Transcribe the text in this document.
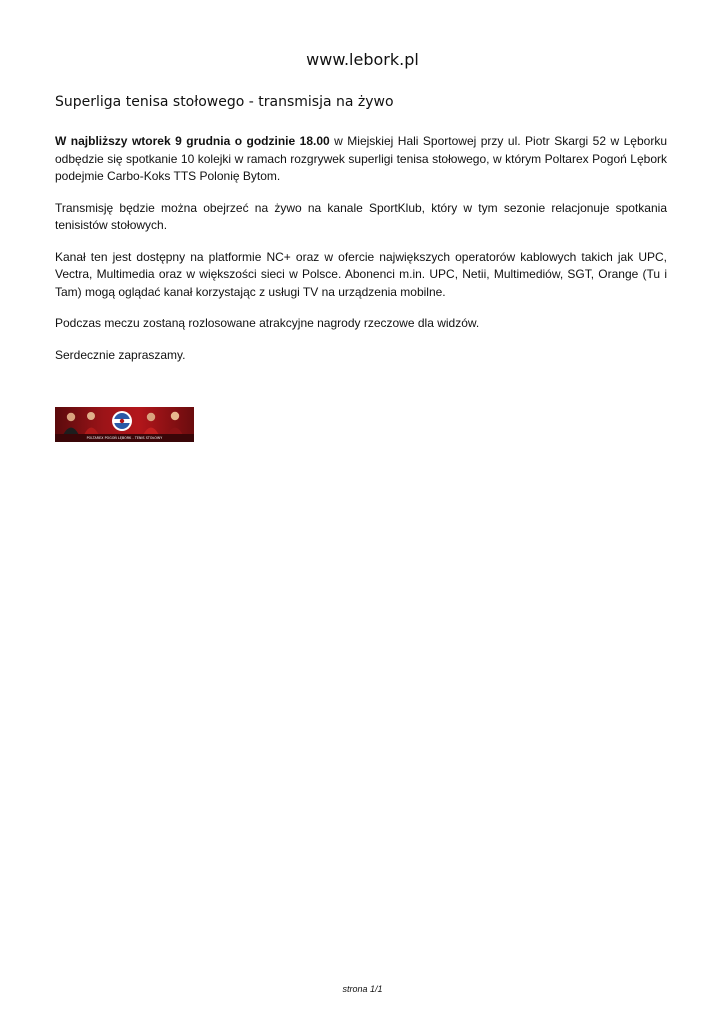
www.lebork.pl
Superliga tenisa stołowego - transmisja na żywo

W najbliższy wtorek 9 grudnia o godzinie 18.00 w Miejskiej Hali Sportowej przy ul. Piotr Skargi 52 w Lęborku odbędzie się spotkanie 10 kolejki w ramach rozgrywek superligi tenisa stołowego, w którym Poltarex Pogoń Lębork podejmie Carbo-Koks TTS Polonię Bytom.

Transmisję będzie można obejrzeć na żywo na kanale SportKlub, który w tym sezonie relacjonuje spotkania tenisistów stołowych.

Kanał ten jest dostępny na platformie NC+ oraz w ofercie największych operatorów kablowych takich jak UPC, Vectra, Multimedia oraz w większości sieci w Polsce. Abonenci m.in. UPC, Netii, Multimediów, SGT, Orange (Tu i Tam) mogą oglądać kanał korzystając z usługi TV na urządzenia mobilne.

Podczas meczu zostaną rozlosowane atrakcyjne nagrody rzeczowe dla widzów.

Serdecznie zapraszamy.

POLTAREX POGOŃ LĘBORK - TENIS STOŁOWY
strona 1/1
